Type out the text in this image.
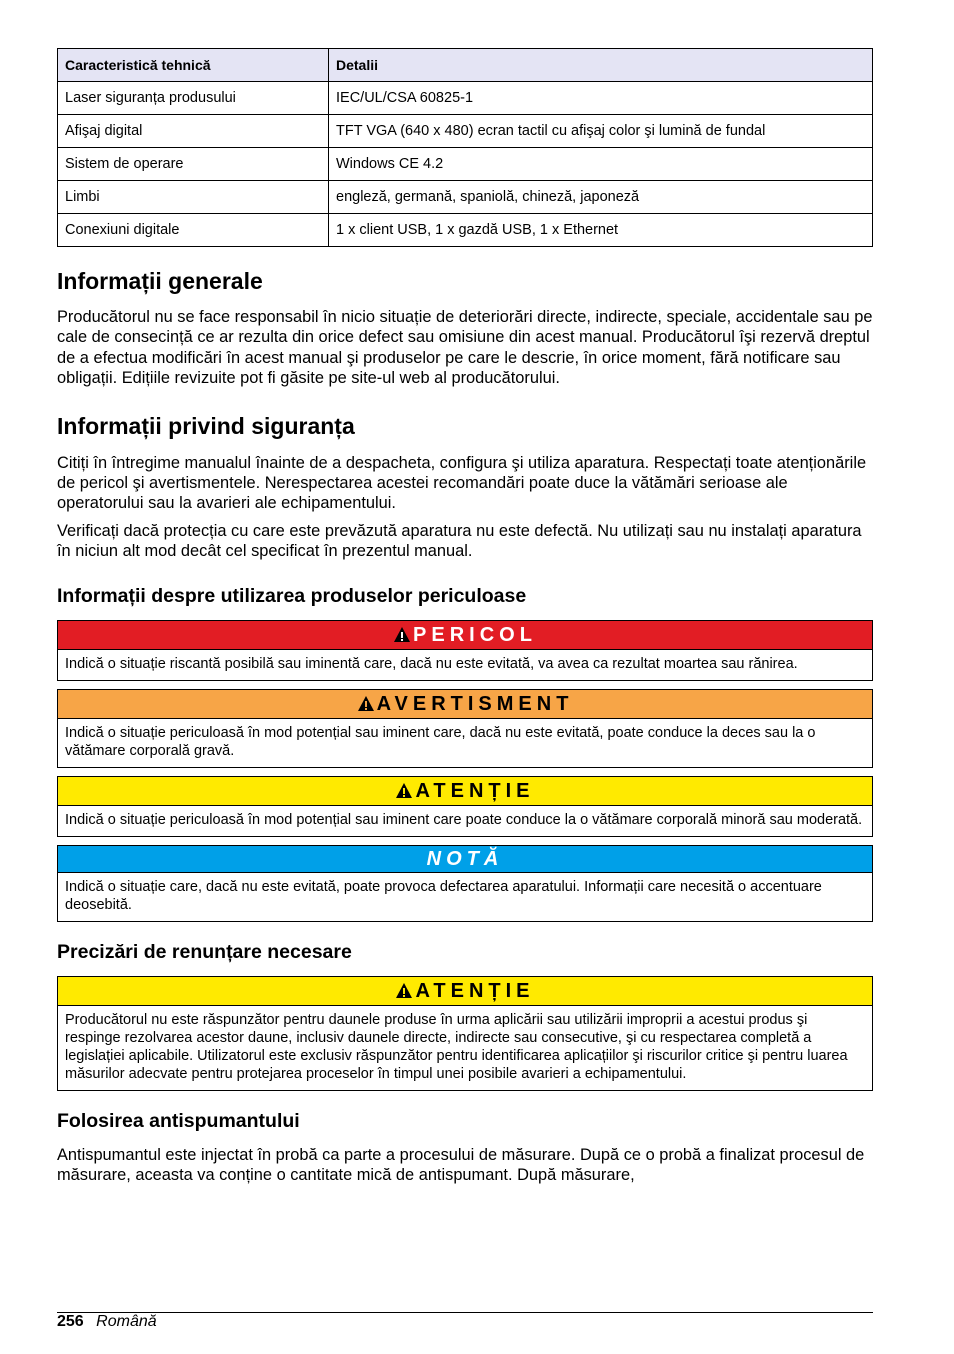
Caracteristică tehnică	Detalii
Laser siguranța produsului	IEC/UL/CSA 60825-1
Afişaj digital	TFT VGA (640 x 480) ecran tactil cu afişaj color şi lumină de fundal
Sistem de operare	Windows CE 4.2
Limbi	engleză, germană, spaniolă, chineză, japoneză
Conexiuni digitale	1 x client USB, 1 x gazdă USB, 1 x Ethernet
Informații generale

Producătorul nu se face responsabil în nicio situație de deteriorări directe, indirecte, speciale, accidentale sau pe cale de consecință ce ar rezulta din orice defect sau omisiune din acest manual. Producătorul îşi rezervă dreptul de a efectua modificări în acest manual şi produselor pe care le descrie, în orice moment, fără notificare sau obligații. Edițiile revizuite pot fi găsite pe site-ul web al producătorului.

Informații privind siguranța

Citiți în întregime manualul înainte de a despacheta, configura şi utiliza aparatura. Respectați toate atenționările de pericol şi avertismentele. Nerespectarea acestei recomandări poate duce la vătămări serioase ale operatorului sau la avarieri ale echipamentului.

Verificați dacă protecția cu care este prevăzută aparatura nu este defectă. Nu utilizați sau nu instalați aparatura în niciun alt mod decât cel specificat în prezentul manual.

Informații despre utilizarea produselor periculoase
PERICOL
Indică o situație riscantă posibilă sau iminentă care, dacă nu este evitată, va avea ca rezultat moartea sau rănirea.
AVERTISMENT
Indică o situație periculoasă în mod potențial sau iminent care, dacă nu este evitată, poate conduce la deces sau la o vătămare corporală gravă.
ATENȚIE
Indică o situație periculoasă în mod potențial sau iminent care poate conduce la o vătămare corporală minoră sau moderată.
NOTĂ
Indică o situație care, dacă nu este evitată, poate provoca defectarea aparatului. Informații care necesită o accentuare deosebită.
Precizări de renunțare necesare
ATENȚIE
Producătorul nu este răspunzător pentru daunele produse în urma aplicării sau utilizării improprii a acestui produs şi respinge rezolvarea acestor daune, inclusiv daunele directe, indirecte sau consecutive, şi cu respectarea completă a legislației aplicabile. Utilizatorul este exclusiv răspunzător pentru identificarea aplicațiilor şi riscurilor critice şi pentru luarea măsurilor adecvate pentru protejarea proceselor în timpul unei posibile avarieri a echipamentului.
Folosirea antispumantului

Antispumantul este injectat în probă ca parte a procesului de măsurare. După ce o probă a finalizat procesul de măsurare, aceasta va conține o cantitate mică de antispumant. După măsurare,

256 Română
